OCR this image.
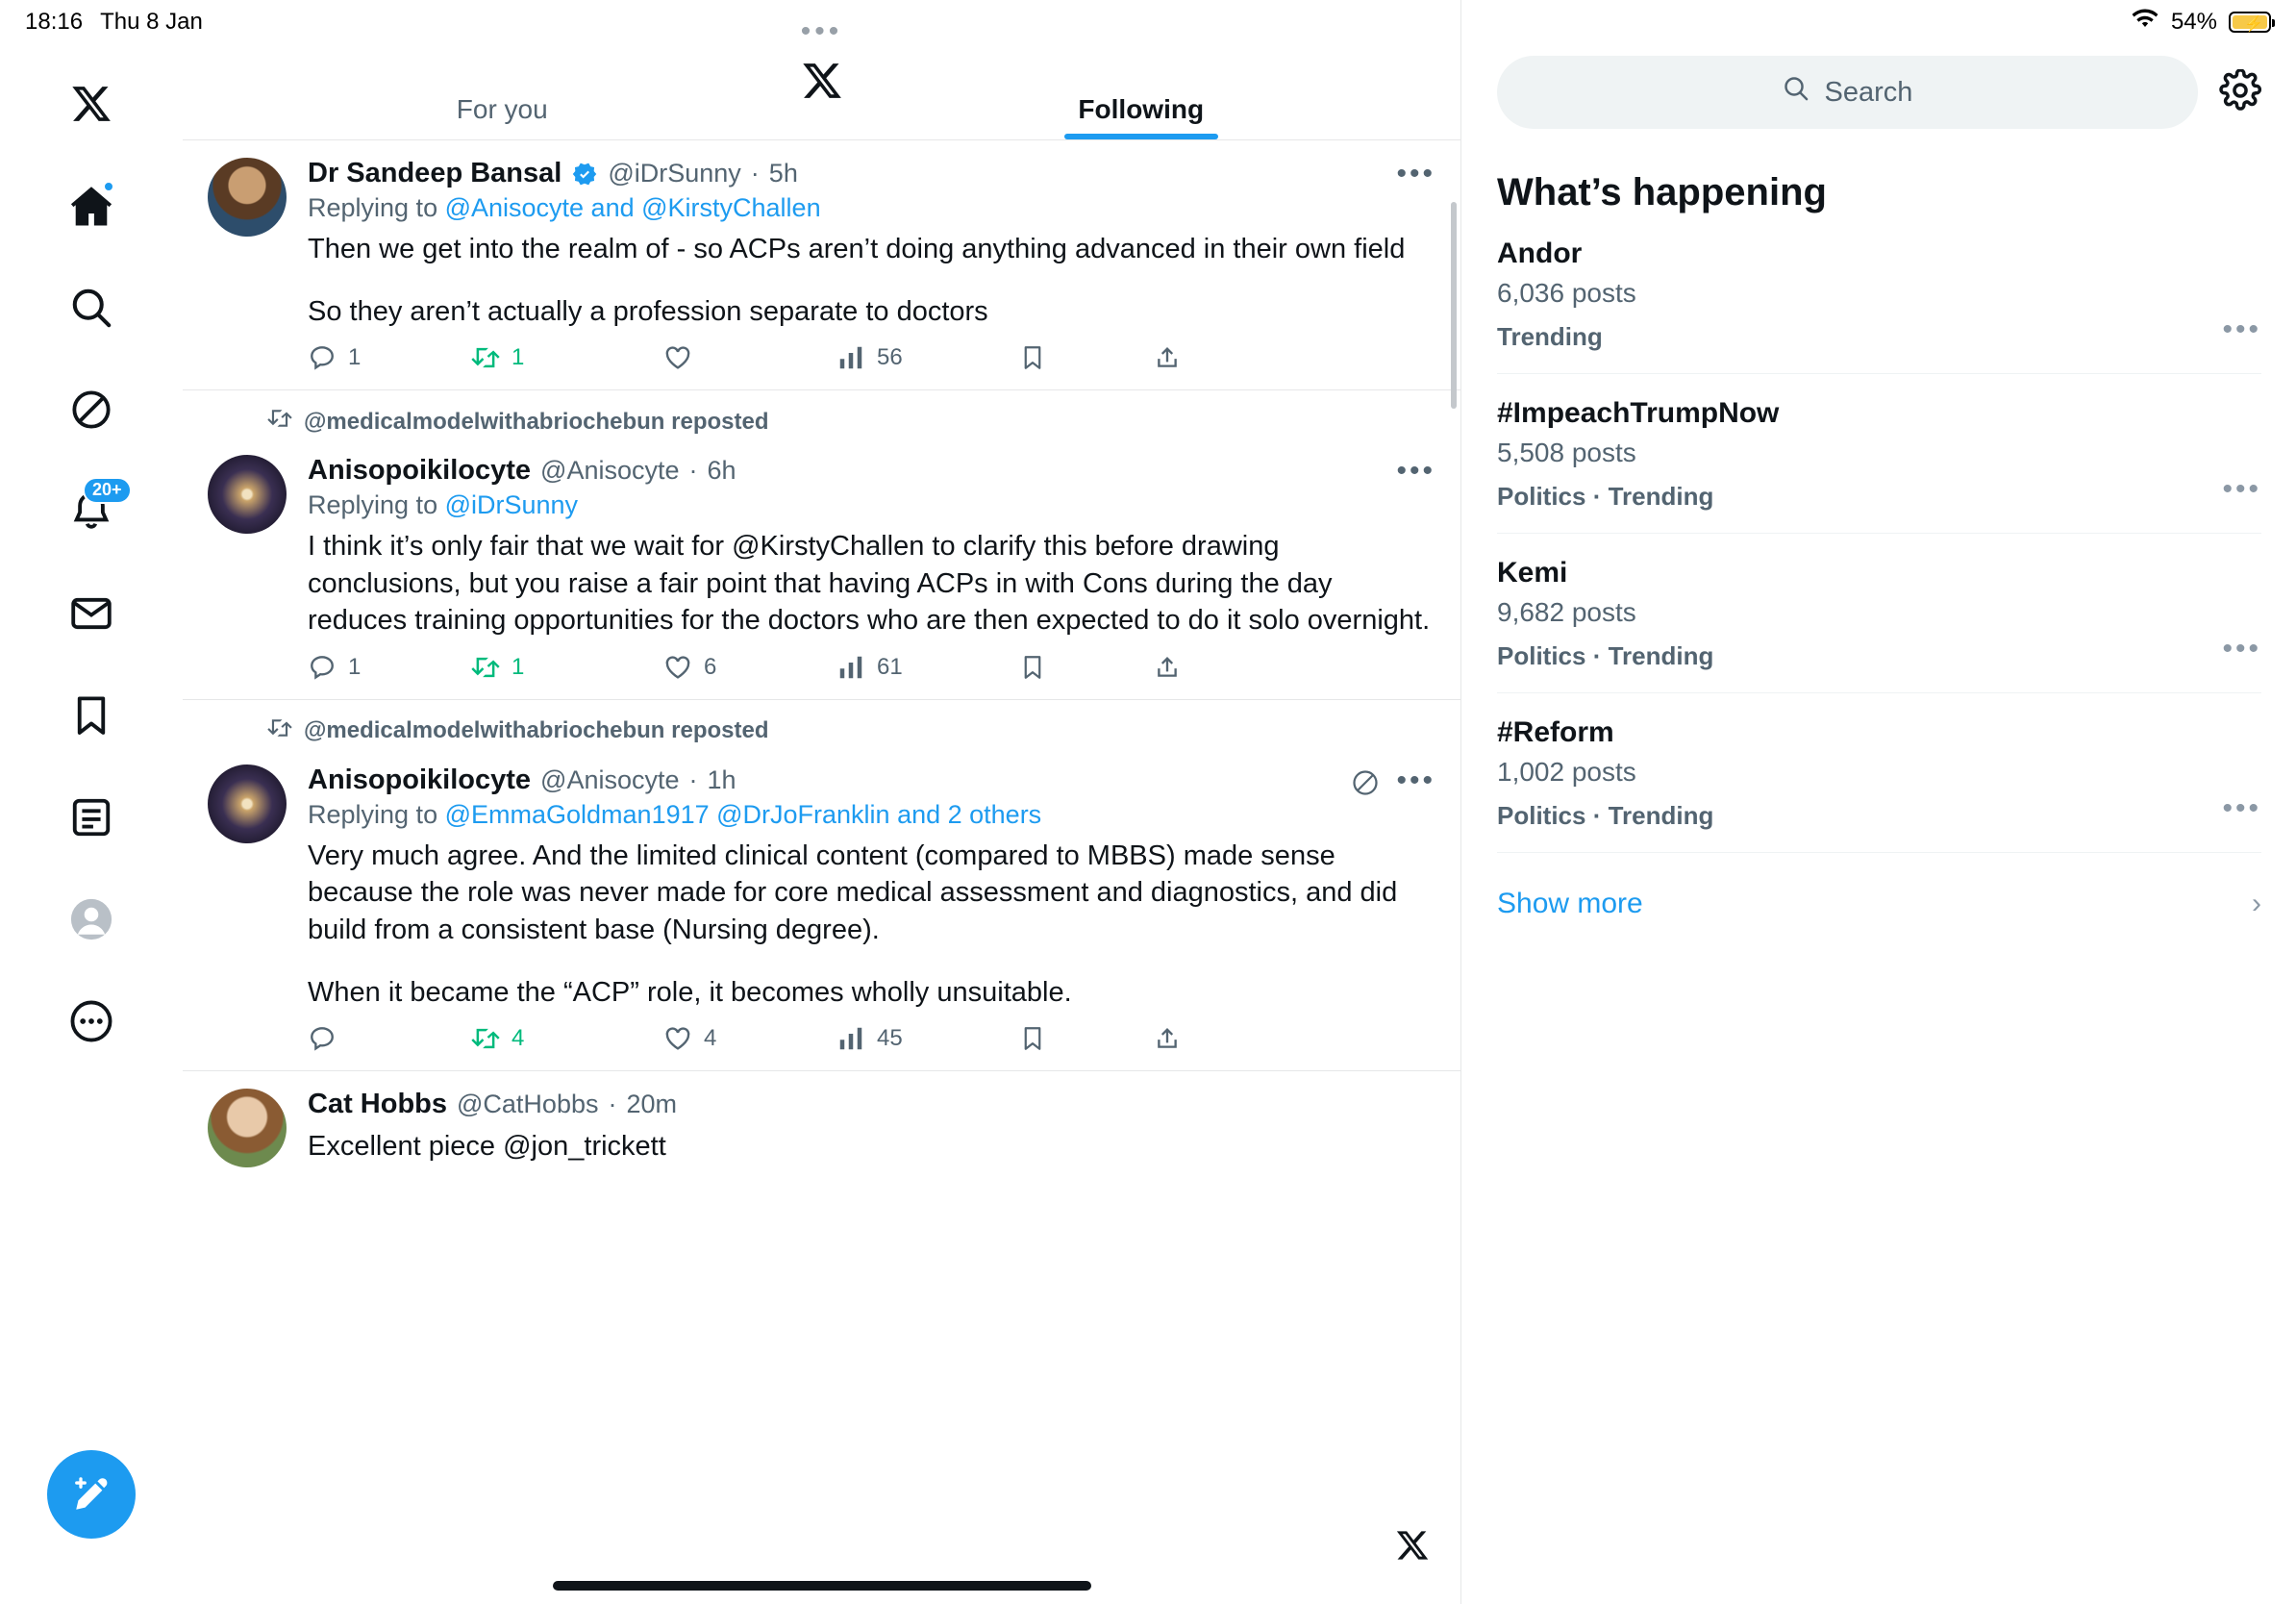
18:16 Thu 8 Jan	54% ⚡
20+
•••
For you	Following
Dr Sandeep Bansal @iDrSunny · 5h
Replying to @Anisocyte and @KirstyChallen

Then we get into the realm of - so ACPs aren’t doing anything advanced in their own field

So they aren’t actually a profession separate to doctors

1	1	56
•••
@medicalmodelwithabriochebun reposted
Anisopoikilocyte @Anisocyte · 6h
Replying to @iDrSunny

I think it’s only fair that we wait for @KirstyChallen to clarify this before drawing conclusions, but you raise a fair point that having ACPs in with Cons during the day reduces training opportunities for the doctors who are then expected to do it solo overnight.

1	1	6	61
•••
@medicalmodelwithabriochebun reposted
Anisopoikilocyte @Anisocyte · 1h
Replying to @EmmaGoldman1917 @DrJoFranklin and 2 others

Very much agree. And the limited clinical content (compared to MBBS) made sense because the role was never made for core medical assessment and diagnostics, and did build from a consistent base (Nursing degree).

When it became the “ACP” role, it becomes wholly unsuitable.

4	4	45
•••
Cat Hobbs @CatHobbs · 20m

Excellent piece @jon_trickett

Search
What’s happening
Andor
6,036 posts
Trending	•••
#ImpeachTrumpNow
5,508 posts
Politics · Trending	•••
Kemi
9,682 posts
Politics · Trending	•••
#Reform
1,002 posts
Politics · Trending	•••
Show more	›
